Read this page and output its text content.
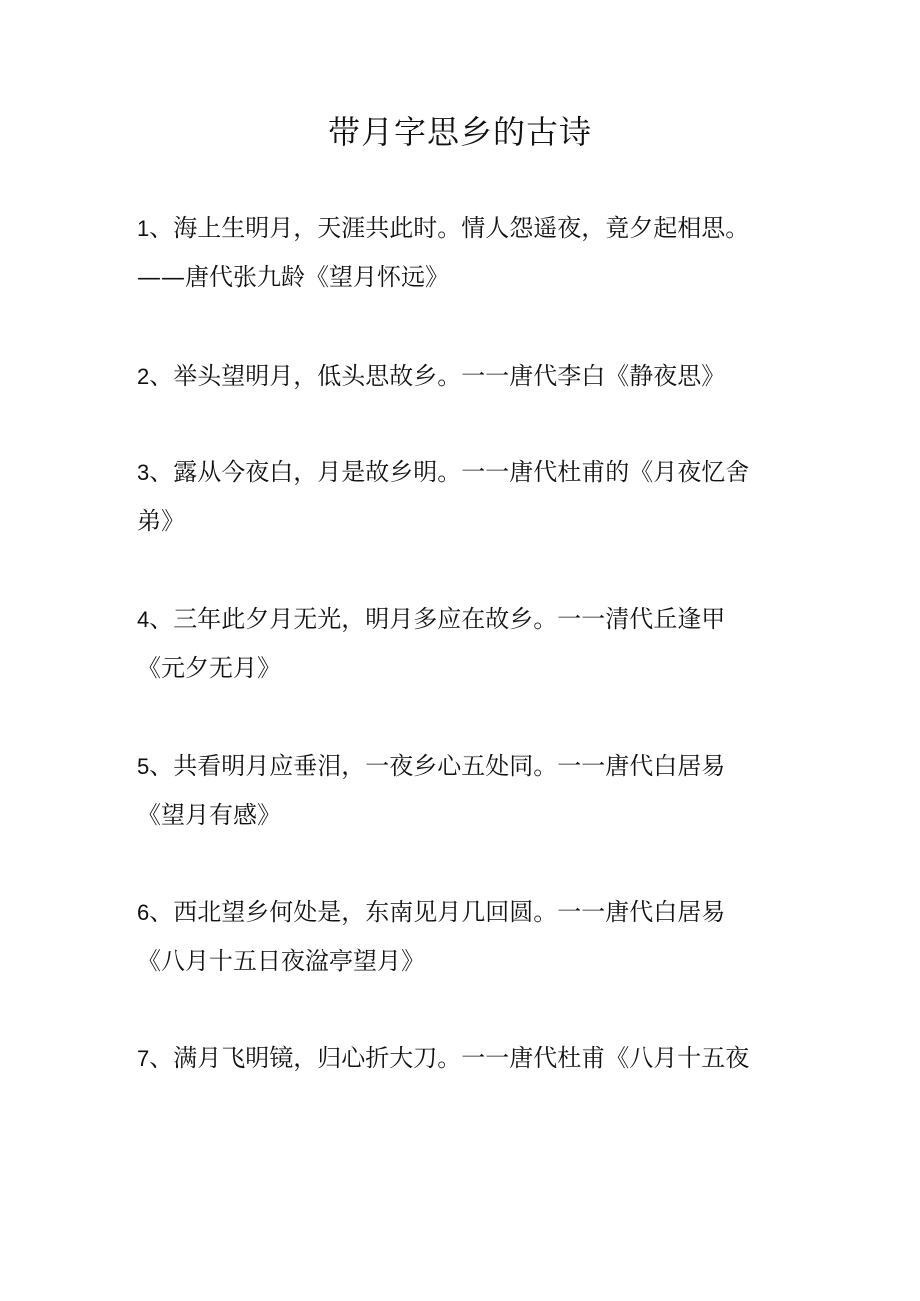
带月字思乡的古诗
1、海上生明月，天涯共此时。情人怨遥夜，竟夕起相思。
——唐代张九龄《望月怀远》
2、举头望明月，低头思故乡。一一唐代李白《静夜思》
3、露从今夜白，月是故乡明。一一唐代杜甫的《月夜忆舍
弟》
4、三年此夕月无光，明月多应在故乡。一一清代丘逢甲
《元夕无月》
5、共看明月应垂泪，一夜乡心五处同。一一唐代白居易
《望月有感》
6、西北望乡何处是，东南见月几回圆。一一唐代白居易
《八月十五日夜湓亭望月》
7、满月飞明镜，归心折大刀。一一唐代杜甫《八月十五夜
